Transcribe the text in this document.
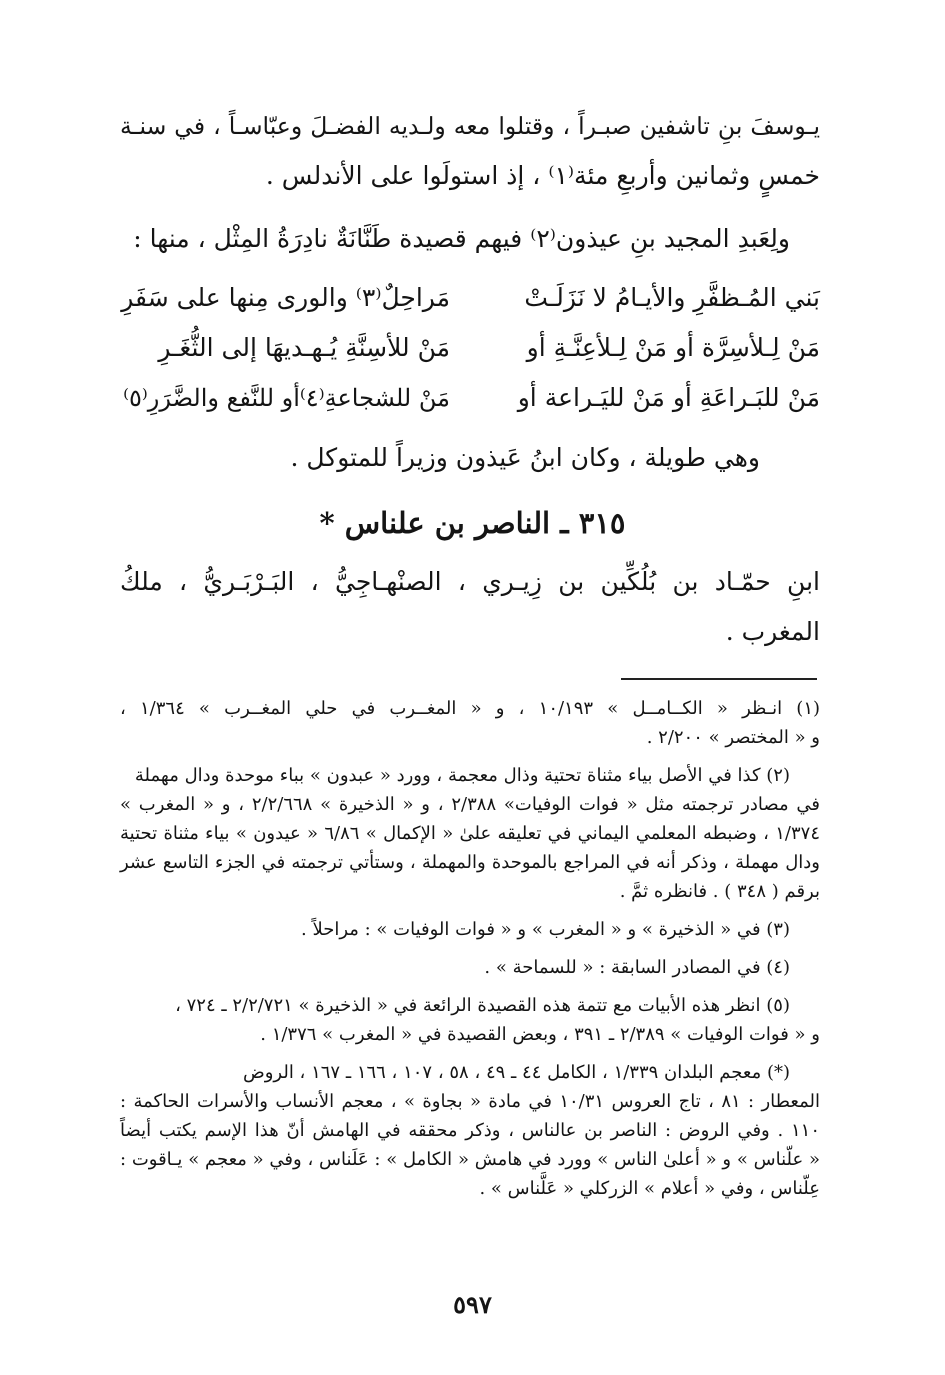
يـوسفَ بنِ تاشفين صبـراً ، وقتلوا معه ولـديه الفضـلَ وعبّاسـاً ، في سنـة
خمسٍ وثمانين وأربعِ مئة⁽١⁾ ، إذ استولَوا على الأندلس .
ولِعَبدِ المجيد بنِ عيذون⁽٢⁾ فيهم قصيدة طَنَّانَةٌ نادِرَةُ المِثْل ، منها :
بَني المُـظفَّرِ والأيـامُ لا نَزَلَـتْ
مَراحِلٌ⁽٣⁾ والورى مِنها على سَفَرِ
مَنْ لِـلأسِرَّة أو مَنْ لِـلأعِنَّـةِ أو
مَنْ للأسِنَّةِ يُـهـديهَا إلى الثُّغَـرِ
مَنْ للبَـراعَةِ أو مَنْ لليَـراعة أو
مَنْ للشجاعةِ⁽٤⁾أو للنَّفع والضَّرَرِ⁽٥⁾
وهي طويلة ، وكان ابنُ عَيذون وزيراً للمتوكل .
٣١٥ ـ الناصر بن علناس *
ابنِ حمّـاد بن بُلُكِّين بن زِيـري ، الصنْهـاجِيُّ ، البَـرْبَـريُّ ، ملكُ
المغرب .
(١) انـظر « الكــامــل » ١٠/١٩٣ ، و « المغــرب في حلي المغــرب » ١/٣٦٤ ،
و « المختصر » ٢/٢٠٠ .
(٢) كذا في الأصل بياء مثناة تحتية وذال معجمة ، وورد « عبدون » بباء موحدة ودال مهملة
في مصادر ترجمته مثل « فوات الوفيات» ٢/٣٨٨ ، و « الذخيرة » ٢/٢/٦٦٨ ، و « المغرب »
١/٣٧٤ ، وضبطه المعلمي اليماني في تعليقه علىٰ « الإكمال » ٦/٨٦ « عيدون » بياء مثناة تحتية
ودال مهملة ، وذكر أنه في المراجع بالموحدة والمهملة ، وستأتي ترجمته في الجزء التاسع عشر
برقم ( ٣٤٨ ) . فانظره ثمَّ .
(٣) في « الذخيرة » و « المغرب » و « فوات الوفيات » : مراحلاً .
(٤) في المصادر السابقة : « للسماحة » .
(٥) انظر هذه الأبيات مع تتمة هذه القصيدة الرائعة في « الذخيرة » ٢/٢/٧٢١ ـ ٧٢٤ ،
و « فوات الوفيات » ٢/٣٨٩ ـ ٣٩١ ، وبعض القصيدة في « المغرب » ١/٣٧٦ .
(*) معجم البلدان ١/٣٣٩ ، الكامل ٤٤ ـ ٤٩ ، ٥٨ ، ١٠٧ ، ١٦٦ ـ ١٦٧ ، الروض
المعطار : ٨١ ، تاج العروس ١٠/٣١ في مادة « بجاوة » ، معجم الأنساب والأسرات الحاكمة :
١١٠ . وفي الروض : الناصر بن عالناس ، وذكر محققه في الهامش أنّ هذا الإسم يكتب أيضاً
« علّناس » و « أعلىٰ الناس » وورد في هامش « الكامل » : عَلَناس ، وفي « معجم » يـاقوت :
عِلّناس ، وفي « أعلام » الزركلي « عَلَّناس » .
٥٩٧
